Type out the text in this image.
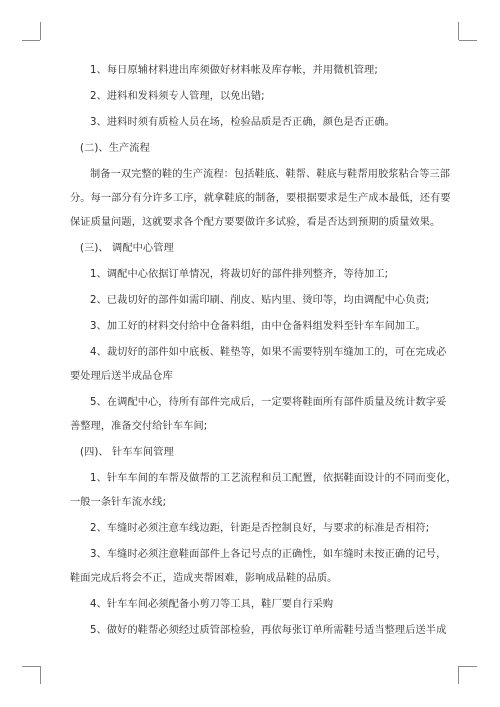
1、每日原辅材料进出库须做好材料帐及库存帐，并用微机管理;
2、进料和发料须专人管理，以免出错;
3、进料时须有质检人员在场，检验品质是否正确，颜色是否正确。
(二)、生产流程
制备一双完整的鞋的生产流程：包括鞋底、鞋帮、鞋底与鞋帮用胶浆粘合等三部
分。每一部分有分许多工序，就拿鞋底的制备，要根据要求是生产成本最低，还有要
保证质量问题，这就要求各个配方要要做许多试验，看是否达到预期的质量效果。
(三)、 调配中心管理
1、调配中心依据订单情况，将裁切好的部件排列整齐，等待加工;
2、已裁切好的部件如需印刷、削皮、贴内里、烫印等，均由调配中心负责;
3、加工好的材料交付给中仓备料组，由中仓备料组发料至针车车间加工。
4、裁切好的部件如中底板、鞋垫等，如果不需要特别车缝加工的，可在完成必
要处理后送半成品仓库
5、在调配中心，待所有部件完成后，一定要将鞋面所有部件质量及统计数字妥
善整理，准备交付给针车车间;
(四)、 针车车间管理
1、针车车间的车帮及做帮的工艺流程和员工配置，依据鞋面设计的不同而变化，
一般一条针车流水线;
2、车缝时必须注意车线边距，针距是否控制良好，与要求的标准是否相符;
3、车缝时必须注意鞋面部件上各记号点的正确性，如车缝时未按正确的记号，
鞋面完成后将会不正，造成夹帮困难，影响成品鞋的品质。
4、针车车间必须配备小剪刀等工具，鞋厂要自行采购
5、做好的鞋帮必须经过质管部检验，再依每张订单所需鞋号适当整理后送半成
